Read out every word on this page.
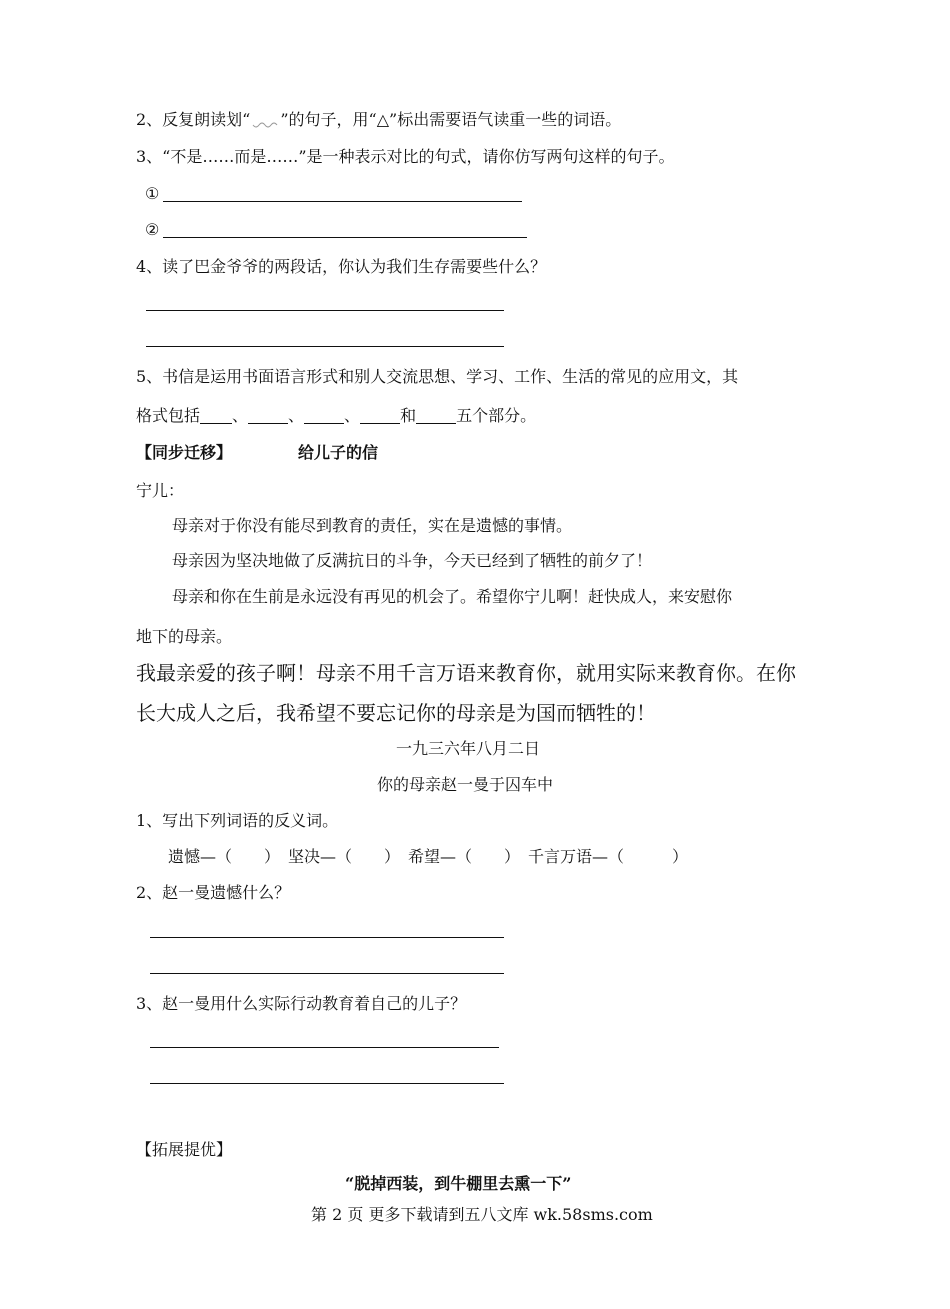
2、反复朗读划“ ”的句子，用“△”标出需要语气读重一些的词语。
3、“不是……而是……”是一种表示对比的句式，请你仿写两句这样的句子。
①
②
4、读了巴金爷爷的两段话，你认为我们生存需要些什么？
5、书信是运用书面语言形式和别人交流思想、学习、工作、生活的常见的应用文，其
格式包括 、	、	、	和	五个部分。
【同步迁移】	给儿子的信
宁儿：
母亲对于你没有能尽到教育的责任，实在是遗憾的事情。
母亲因为坚决地做了反满抗日的斗争，今天已经到了牺牲的前夕了！
母亲和你在生前是永远没有再见的机会了。希望你宁儿啊！赶快成人，来安慰你
地下的母亲。
我最亲爱的孩子啊！母亲不用千言万语来教育你，就用实际来教育你。在你
长大成人之后，我希望不要忘记你的母亲是为国而牺牲的！
一九三六年八月二日
你的母亲赵一曼于囚车中
1、写出下列词语的反义词。
遗憾—（　　）　坚决—（　　）　希望—（　　）　千言万语—（　　　）
2、赵一曼遗憾什么？
3、赵一曼用什么实际行动教育着自己的儿子？
【拓展提优】
“脱掉西装，到牛棚里去熏一下”
第 2 页 更多下载请到五八文库 wk.58sms.com
